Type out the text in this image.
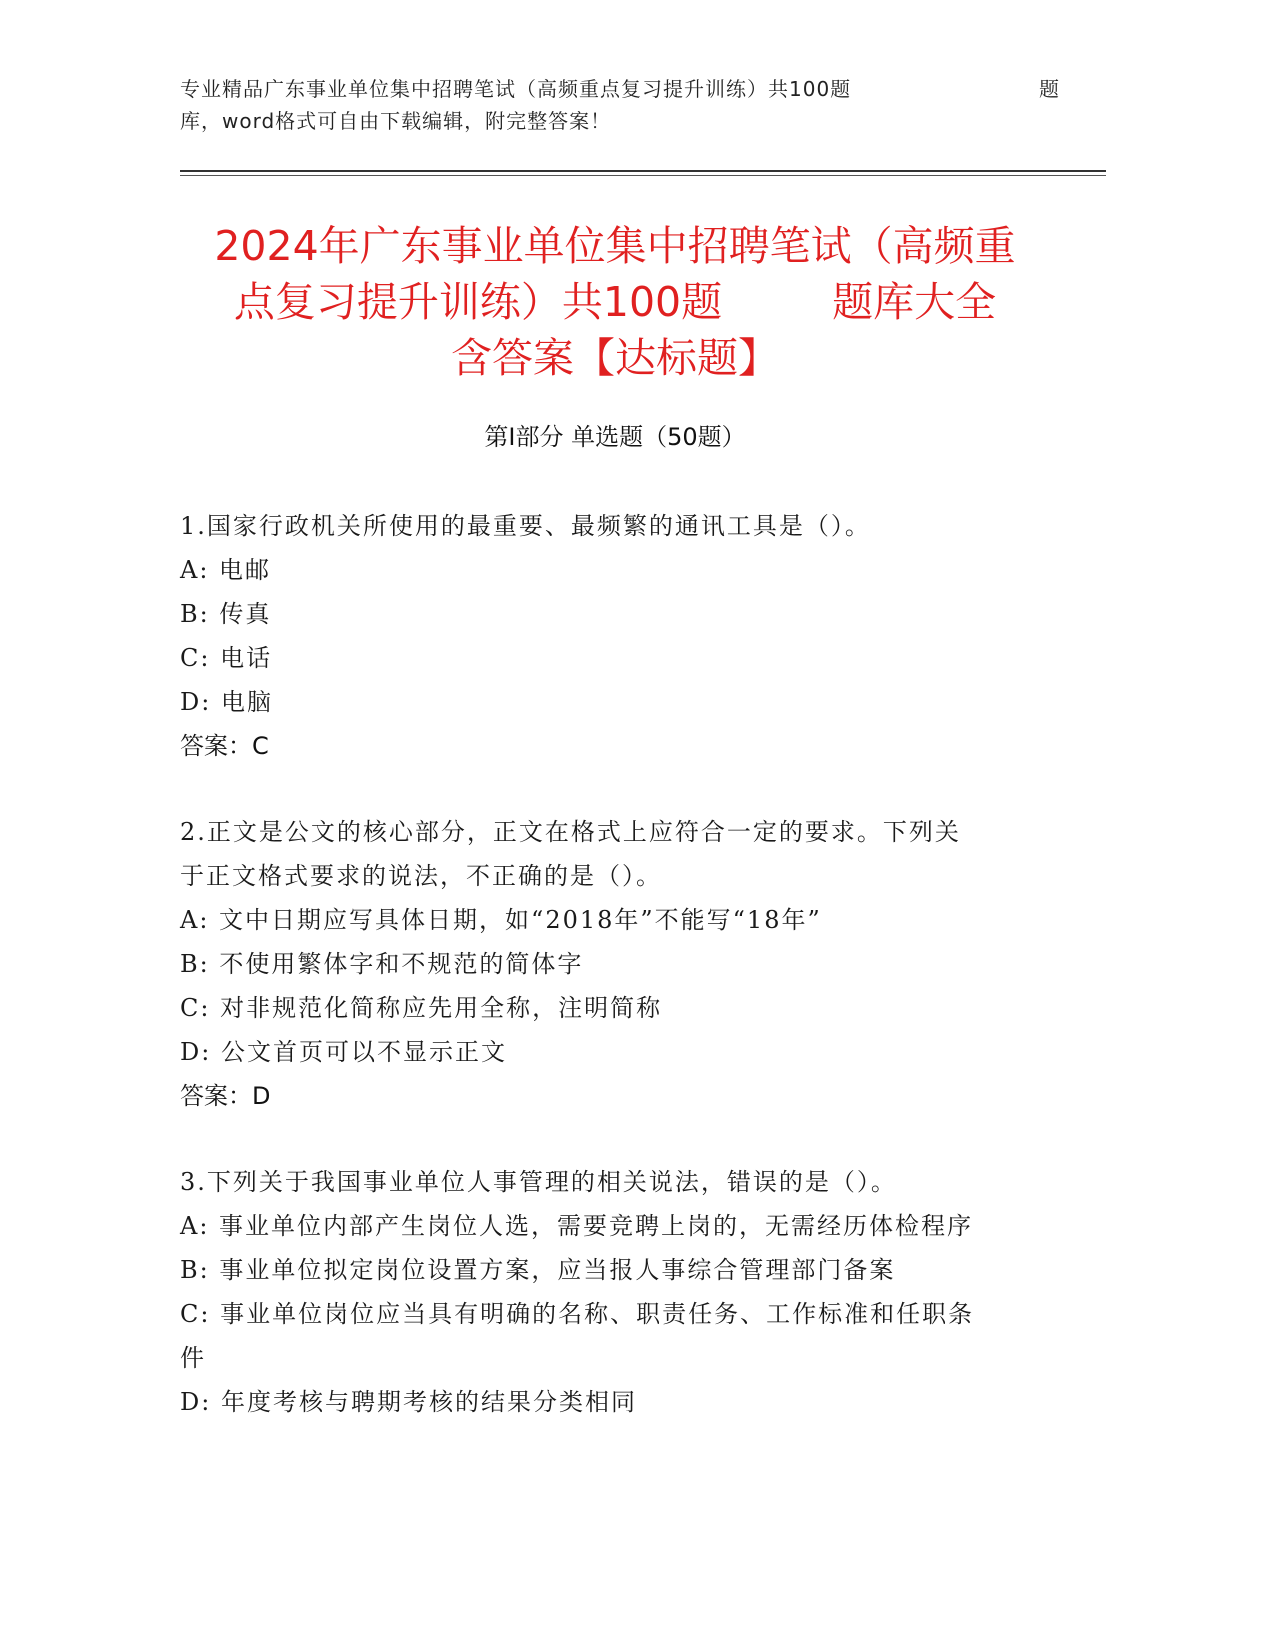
专业精品广东事业单位集中招聘笔试（高频重点复习提升训练）共100题	题
库，word格式可自由下载编辑，附完整答案！
2024年广东事业单位集中招聘笔试（高频重
点复习提升训练）共100题	题库大全
含答案【达标题】
第Ⅰ部分 单选题（50题）
1.国家行政机关所使用的最重要、最频繁的通讯工具是（）。
A: 电邮
B: 传真
C: 电话
D: 电脑
答案：C
2.正文是公文的核心部分，正文在格式上应符合一定的要求。下列关
于正文格式要求的说法，不正确的是（）。
A: 文中日期应写具体日期，如“2018年”不能写“18年”
B: 不使用繁体字和不规范的简体字
C: 对非规范化简称应先用全称，注明简称
D: 公文首页可以不显示正文
答案：D
3.下列关于我国事业单位人事管理的相关说法，错误的是（）。
A: 事业单位内部产生岗位人选，需要竞聘上岗的，无需经历体检程序
B: 事业单位拟定岗位设置方案，应当报人事综合管理部门备案
C: 事业单位岗位应当具有明确的名称、职责任务、工作标准和任职条
件
D: 年度考核与聘期考核的结果分类相同
